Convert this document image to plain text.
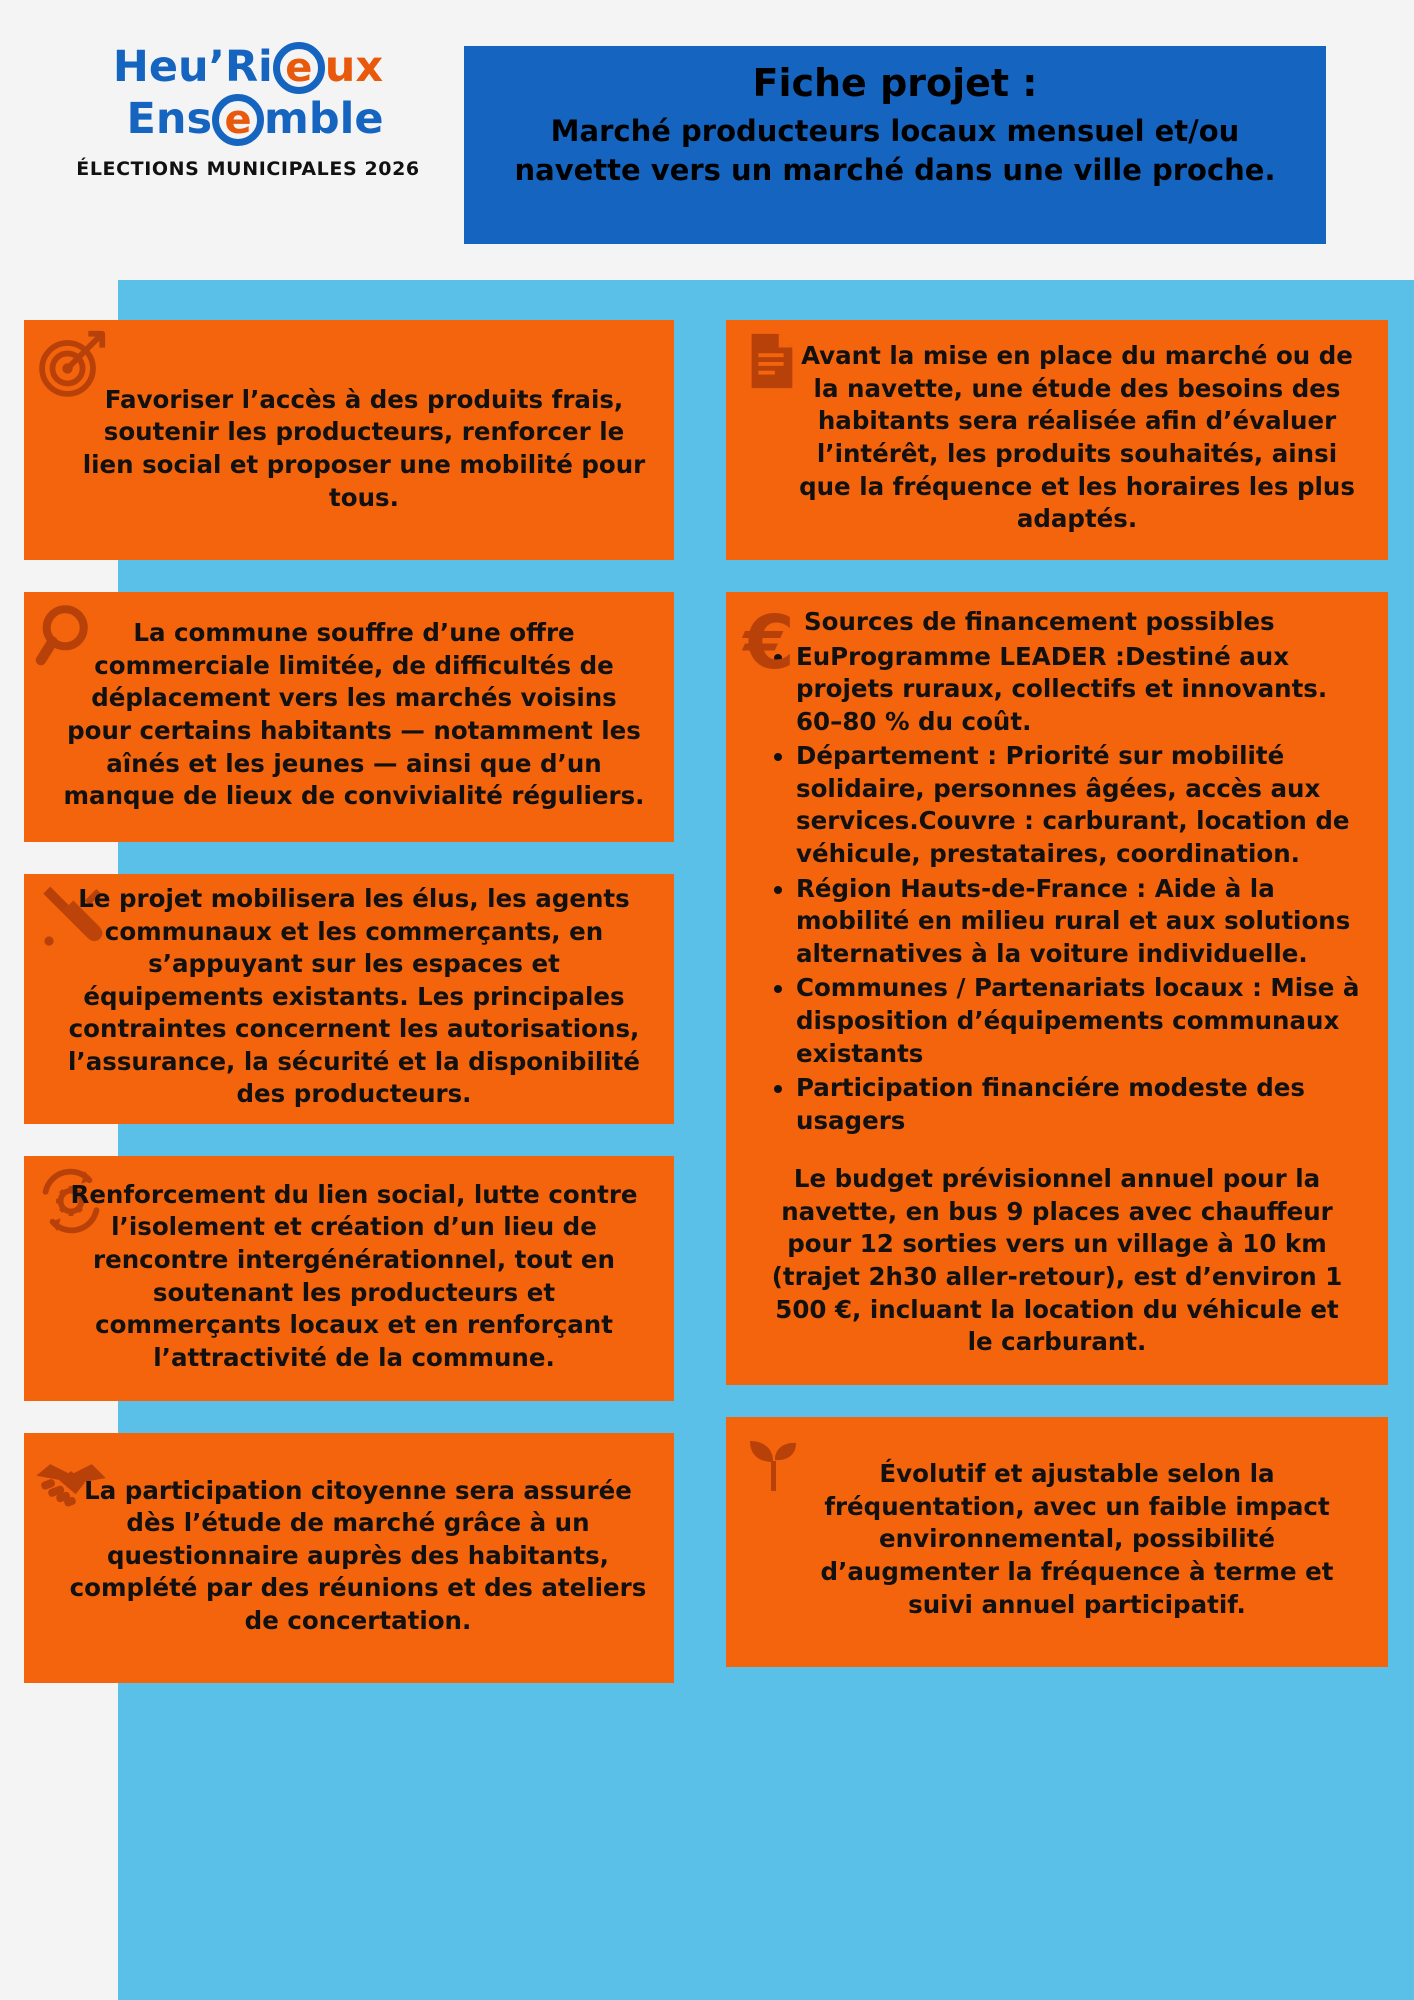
Heu’Ri e ux
Ens e mble
ÉLECTIONS MUNICIPALES 2026
Fiche projet :
Marché producteurs locaux mensuel et/ou navette vers un marché dans une ville proche.
Favoriser l’accès à des produits frais, soutenir les producteurs, renforcer le lien social et proposer une mobilité pour tous.
La commune souffre d’une offre commerciale limitée, de difficultés de déplacement vers les marchés voisins pour certains habitants — notamment les aînés et les jeunes — ainsi que d’un manque de lieux de convivialité réguliers.
Le projet mobilisera les élus, les agents communaux et les commerçants, en s’appuyant sur les espaces et équipements existants. Les principales contraintes concernent les autorisations, l’assurance, la sécurité et la disponibilité des producteurs.
Renforcement du lien social, lutte contre l’isolement et création d’un lieu de rencontre intergénérationnel, tout en soutenant les producteurs et commerçants locaux et en renforçant l’attractivité de la commune.
La participation citoyenne sera assurée dès l’étude de marché grâce à un questionnaire auprès des habitants, complété par des réunions et des ateliers de concertation.
Avant la mise en place du marché ou de la navette, une étude des besoins des habitants sera réalisée afin d’évaluer l’intérêt, les produits souhaités, ainsi que la fréquence et les horaires les plus adaptés.
€ Sources de financement possibles
• EuProgramme LEADER :Destiné aux projets ruraux, collectifs et innovants. 60–80 % du coût.
• Département : Priorité sur mobilité solidaire, personnes âgées, accès aux services.Couvre : carburant, location de véhicule, prestataires, coordination.
• Région Hauts-de-France : Aide à la mobilité en milieu rural et aux solutions alternatives à la voiture individuelle.
• Communes / Partenariats locaux : Mise à disposition d’équipements communaux existants
• Participation financiére modeste des usagers
Le budget prévisionnel annuel pour la navette, en bus 9 places avec chauffeur pour 12 sorties vers un village à 10 km (trajet 2h30 aller-retour), est d’environ 1 500 €, incluant la location du véhicule et le carburant.
Évolutif et ajustable selon la fréquentation, avec un faible impact environnemental, possibilité d’augmenter la fréquence à terme et suivi annuel participatif.
